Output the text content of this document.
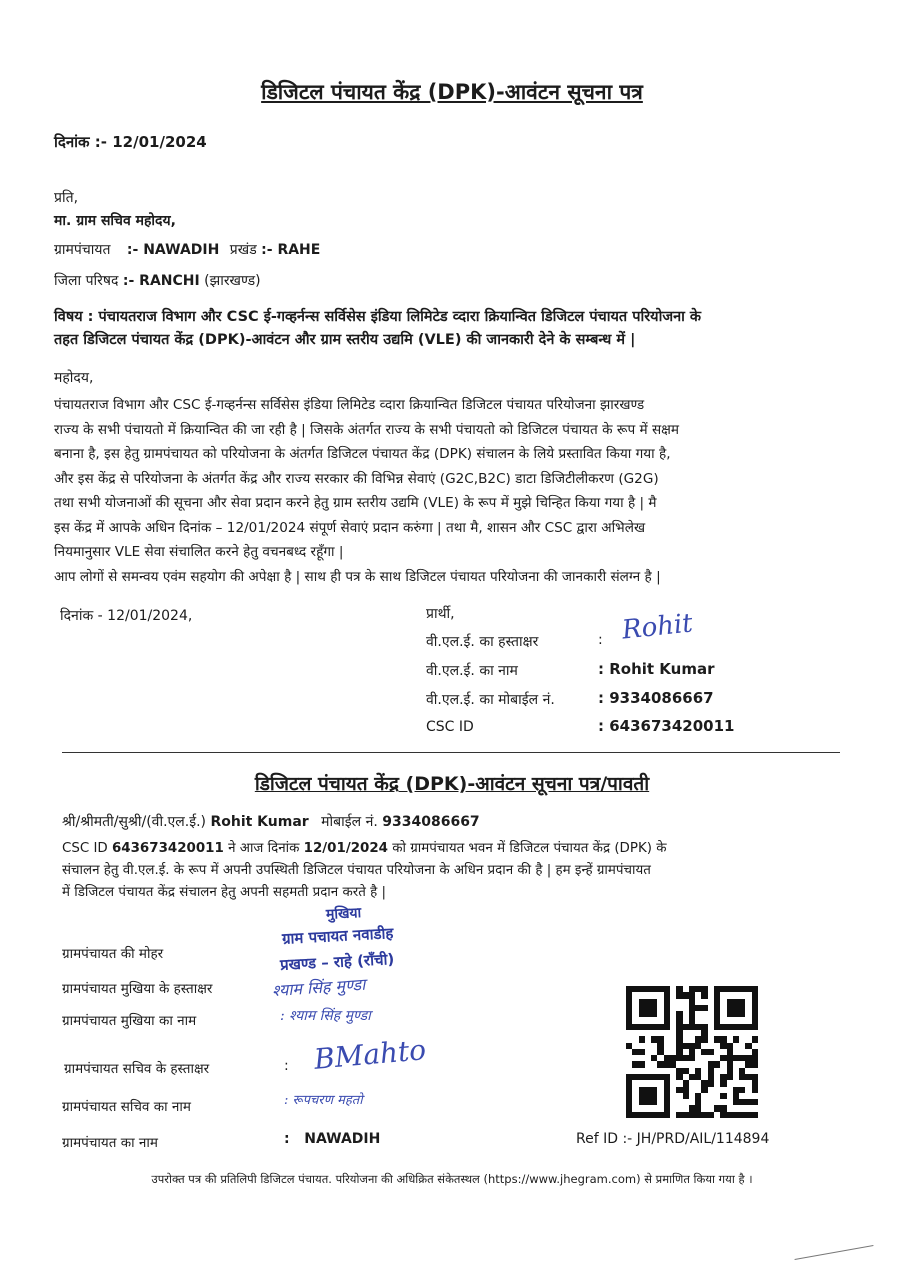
डिजिटल पंचायत केंद्र (DPK)-आवंटन सूचना पत्र
दिनांक :- 12/01/2024
प्रति,
मा. ग्राम सचिव महोदय,
ग्रामपंचायत :- NAWADIH प्रखंड :- RAHE
जिला परिषद :- RANCHI (झारखण्ड)
विषय : पंचायतराज विभाग और CSC ई-गव्हर्नन्स सर्विसेस इंडिया लिमिटेड व्दारा क्रियान्वित डिजिटल पंचायत परियोजना के
तहत डिजिटल पंचायत केंद्र (DPK)-आवंटन और ग्राम स्तरीय उद्यमि (VLE) की जानकारी देने के सम्बन्ध में |
महोदय,
पंचायतराज विभाग और CSC ई-गव्हर्नन्स सर्विसेस इंडिया लिमिटेड व्दारा क्रियान्वित डिजिटल पंचायत परियोजना झारखण्ड
राज्य के सभी पंचायतो में क्रियान्वित की जा रही है | जिसके अंतर्गत राज्य के सभी पंचायतो को डिजिटल पंचायत के रूप में सक्षम
बनाना है, इस हेतु ग्रामपंचायत को परियोजना के अंतर्गत डिजिटल पंचायत केंद्र (DPK) संचालन के लिये प्रस्तावित किया गया है,
और इस केंद्र से परियोजना के अंतर्गत केंद्र और राज्य सरकार की विभिन्न सेवाएं (G2C,B2C) डाटा डिजिटीलीकरण (G2G)
तथा सभी योजनाओं की सूचना और सेवा प्रदान करने हेतु ग्राम स्तरीय उद्यमि (VLE) के रूप में मुझे चिन्हित किया गया है | मै
इस केंद्र में आपके अधिन दिनांक – 12/01/2024 संपूर्ण सेवाएं प्रदान करुंगा | तथा मै, शासन और CSC द्वारा अभिलेख
नियमानुसार VLE सेवा संचालित करने हेतु वचनबध्द रहूँगा |
आप लोगों से समन्वय एवंम सहयोग की अपेक्षा है | साथ ही पत्र के साथ डिजिटल पंचायत परियोजना की जानकारी संलग्न है |
दिनांक - 12/01/2024,	प्रार्थी,
वी.एल.ई. का हस्ताक्षर	: Rohit
वी.एल.ई. का नाम	: Rohit Kumar
वी.एल.ई. का मोबाईल नं.	: 9334086667
CSC ID	: 643673420011
डिजिटल पंचायत केंद्र (DPK)-आवंटन सूचना पत्र/पावती
श्री/श्रीमती/सुश्री/(वी.एल.ई.) Rohit Kumar मोबाईल नं. 9334086667
CSC ID 643673420011 ने आज दिनांक 12/01/2024 को ग्रामपंचायत भवन में डिजिटल पंचायत केंद्र (DPK) के
संचालन हेतु वी.एल.ई. के रूप में अपनी उपस्थिती डिजिटल पंचायत परियोजना के अधिन प्रदान की है | हम इन्हें ग्रामपंचायत
में डिजिटल पंचायत केंद्र संचालन हेतु अपनी सहमती प्रदान करते है |
ग्रामपंचायत की मोहर
मुखिया
ग्राम पचायत नवाडीह
प्रखण्ड – राहे (राँची)
ग्रामपंचायत मुखिया के हस्ताक्षर	श्याम सिंह मुण्डा
ग्रामपंचायत मुखिया का नाम	: श्याम सिंह मुण्डा
ग्रामपंचायत सचिव के हस्ताक्षर	: BMahto
ग्रामपंचायत सचिव का नाम	: रूपचरण महतो
ग्रामपंचायत का नाम	:   NAWADIH	Ref ID :- JH/PRD/AIL/114894
उपरोक्त पत्र की प्रतिलिपी डिजिटल पंचायत. परियोजना की अधिक्रित संकेतस्थल (https://www.jhegram.com) से प्रमाणित किया गया है ।
